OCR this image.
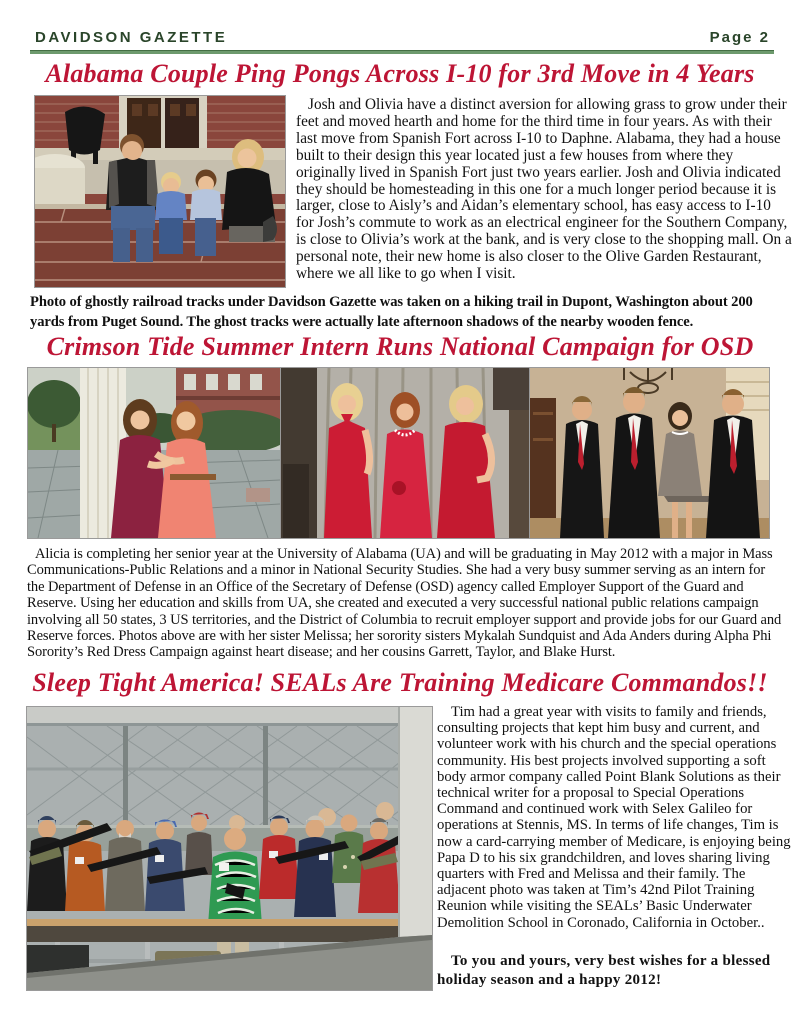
DAVIDSON GAZETTE	Page 2
Alabama Couple Ping Pongs Across I-10 for 3rd Move in 4 Years

Josh and Olivia have a distinct aversion for allowing grass to grow under their feet and moved hearth and home for the third time in four years. As with their last move from Spanish Fort across I-10 to Daphne. Alabama, they had a house built to their design this year located just a few houses from where they originally lived in Spanish Fort just two years earlier. Josh and Olivia indicated they should be homesteading in this one for a much longer period because it is larger, close to Aisly’s and Aidan’s elementary school, has easy access to I-10 for Josh’s commute to work as an electrical engineer for the Southern Company, is close to Olivia’s work at the bank, and is very close to the shopping mall. On a personal note, their new home is also closer to the Olive Garden Restaurant, where we all like to go when I visit.

Photo of ghostly railroad tracks under Davidson Gazette was taken on a hiking trail in Dupont, Washington about 200 yards from Puget Sound. The ghost tracks were actually late afternoon shadows of the nearby wooden fence.

Crimson Tide Summer Intern Runs National Campaign for OSD

Alicia is completing her senior year at the University of Alabama (UA) and will be graduating in May 2012 with a major in Mass Communications-Public Relations and a minor in National Security Studies. She had a very busy summer serving as an intern for the Department of Defense in an Office of the Secretary of Defense (OSD) agency called Employer Support of the Guard and Reserve. Using her education and skills from UA, she created and executed a very successful national public relations campaign involving all 50 states, 3 US territories, and the District of Columbia to recruit employer support and provide jobs for our Guard and Reserve forces. Photos above are with her sister Melissa; her sorority sisters Mykalah Sundquist and Ada Anders during Alpha Phi Sorority’s Red Dress Campaign against heart disease; and her cousins Garrett, Taylor, and Blake Hurst.

Sleep Tight America! SEALs Are Training Medicare Commandos!!

Tim had a great year with visits to family and friends, consulting projects that kept him busy and current, and volunteer work with his church and the special operations community. His best projects involved supporting a soft body armor company called Point Blank Solutions as their technical writer for a proposal to Special Operations Command and continued work with Selex Galileo for operations at Stennis, MS. In terms of life changes, Tim is now a card-carrying member of Medicare, is enjoying being Papa D to his six grandchildren, and loves sharing living quarters with Fred and Melissa and their family. The adjacent photo was taken at Tim’s 42nd Pilot Training Reunion while visiting the SEALs’ Basic Underwater Demolition School in Coronado, California in October..

To you and yours, very best wishes for a blessed holiday season and a happy 2012!
